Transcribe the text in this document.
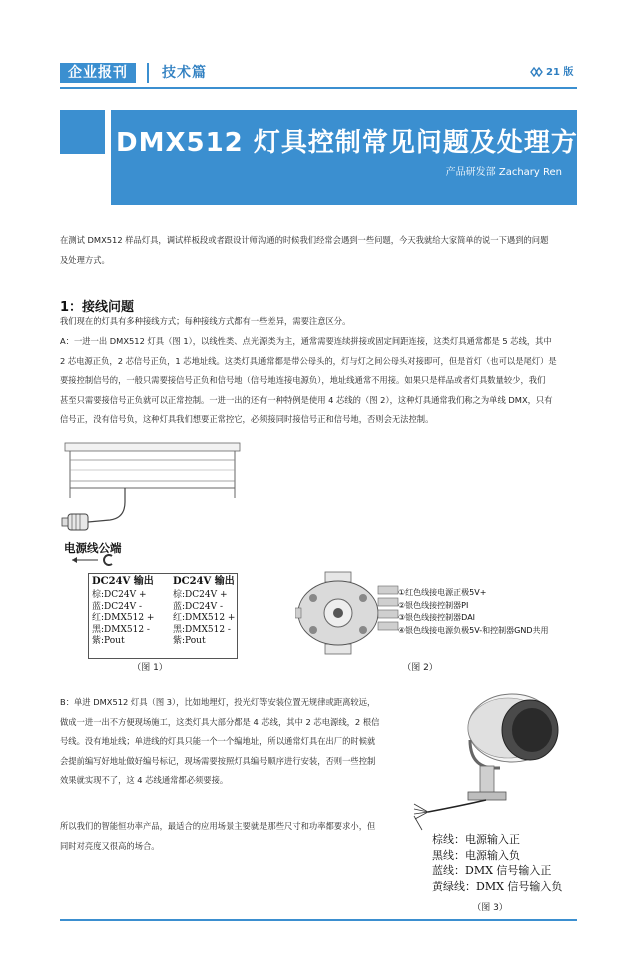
企业报刊	技术篇	21 版
DMX512 灯具控制常见问题及处理方法
产品研发部 Zachary Ren
在测试 DMX512 样品灯具，调试样板段或者跟设计师沟通的时候我们经常会遇到一些问题，今天我就给大家简单的说一下遇到的问题
及处理方式。
1：接线问题
我们现在的灯具有多种接线方式；每种接线方式都有一些差异，需要注意区分。
A：一进一出 DMX512 灯具（图 1），以线性类、点光源类为主，通常需要连续拼接或固定间距连接，这类灯具通常都是 5 芯线，其中
2 芯电源正负，2 芯信号正负，1 芯地址线。这类灯具通常都是带公母头的，灯与灯之间公母头对接即可，但是首灯（也可以是尾灯）是
要接控制信号的，一般只需要接信号正负和信号地（信号地连接电源负），地址线通常不用接。如果只是样品或者灯具数量较少，我们
甚至只需要接信号正负就可以正常控制。一进一出的还有一种特例是使用 4 芯线的（图 2），这种灯具通常我们称之为单线 DMX，只有
信号正，没有信号负，这种灯具我们想要正常控它，必须接同时接信号正和信号地，否则会无法控制。
电源线公端
DC24V 输出 DC24V 输出
棕:DC24V +
蓝:DC24V -
红:DMX512 +
黑:DMX512 -
紫:Pout
棕:DC24V +
蓝:DC24V -
红:DMX512 +
黑:DMX512 -
紫:Pout
（图 1）
①红色线接电源正极5V+
②银色线接控制器PI
③银色线接控制器DAI
④银色线接电源负极5V-和控制器GND共用
（图 2）
B：单进 DMX512 灯具（图 3），比如地埋灯，投光灯等安装位置无规律或距离较远，
做成一进一出不方便现场施工，这类灯具大部分都是 4 芯线，其中 2 芯电源线，2 根信
号线。没有地址线；单进线的灯具只能一个一个编地址，所以通常灯具在出厂的时候就
会提前编写好地址做好编号标记，现场需要按照灯具编号顺序进行安装，否则一些控制
效果就实现不了，这 4 芯线通常都必须要接。
所以我们的智能恒功率产品，最适合的应用场景主要就是那些尺寸和功率都要求小，但
同时对亮度又很高的场合。	棕线：电源输入正
黑线：电源输入负
蓝线：DMX 信号输入正
黄绿线：DMX 信号输入负
（图 3）
